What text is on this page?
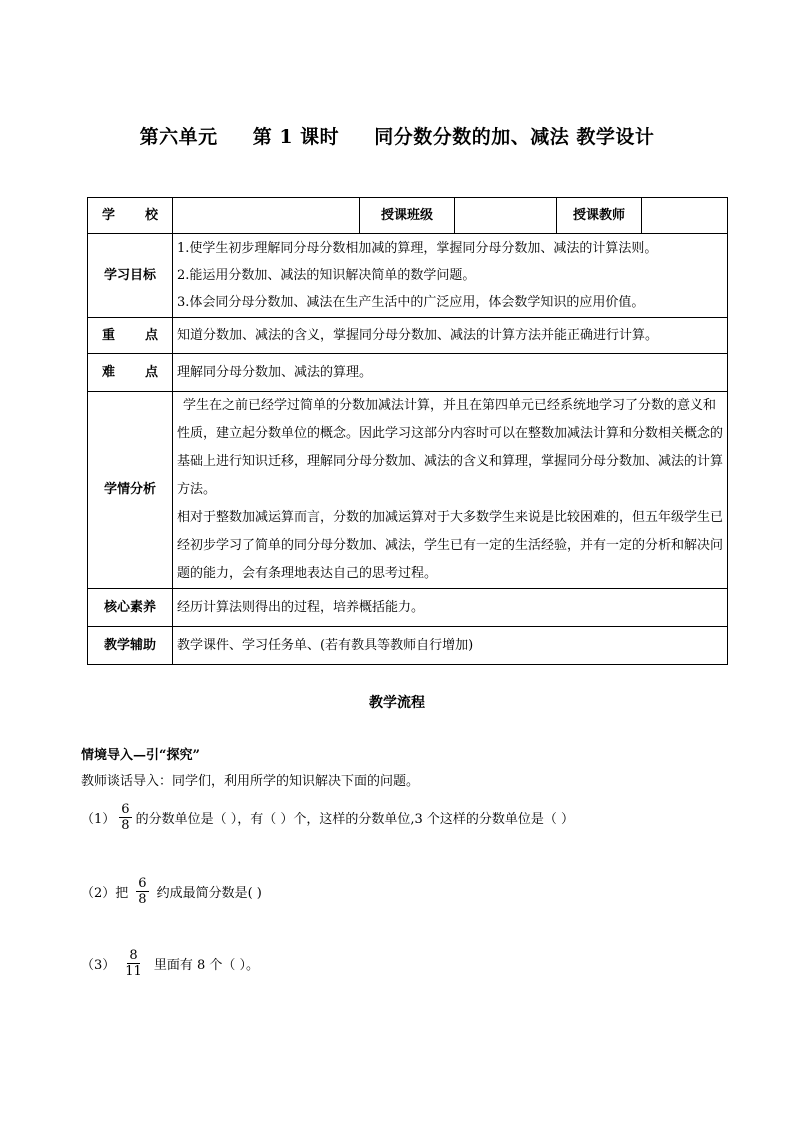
第六单元 第 1 课时 同分数分数的加、减法 教学设计
学 校		授课班级		授课教师	
学习目标	1.使学生初步理解同分母分数相加减的算理，掌握同分母分数加、减法的计算法则。

2.能运用分数加、减法的知识解决简单的数学问题。

3.体会同分母分数加、减法在生产生活中的广泛应用，体会数学知识的应用价值。				

重 点	知道分数加、减法的含义，掌握同分母分数加、减法的计算方法并能正确进行计算。				
难 点	理解同分母分数加、减法的算理。				
学情分析	学生在之前已经学过简单的分数加减法计算，并且在第四单元已经系统地学习了分数的意义和性质，建立起分数单位的概念。因此学习这部分内容时可以在整数加减法计算和分数相关概念的基础上进行知识迁移，理解同分母分数加、减法的含义和算理，掌握同分母分数加、减法的计算方法。

相对于整数加减运算而言，分数的加减运算对于大多数学生来说是比较困难的，但五年级学生已经初步学习了简单的同分母分数加、减法，学生已有一定的生活经验，并有一定的分析和解决问题的能力，会有条理地表达自己的思考过程。				

核心素养	经历计算法则得出的过程，培养概括能力。				
教学辅助	教学课件、学习任务单、(若有教具等教师自行增加)				
教学流程
情境导入—引“探究”
教师谈话导入：同学们，利用所学的知识解决下面的问题。
$(1) \frac{6}{8}$ 的分数单位是（ ），有（ ）个，这样的分数单位,3 个这样的分数单位是（ ）
（2）把 $\frac{6}{8}$ 约成最简分数是( )
$(3) \frac{8}{11}$ 里面有 8 个（ ）。
